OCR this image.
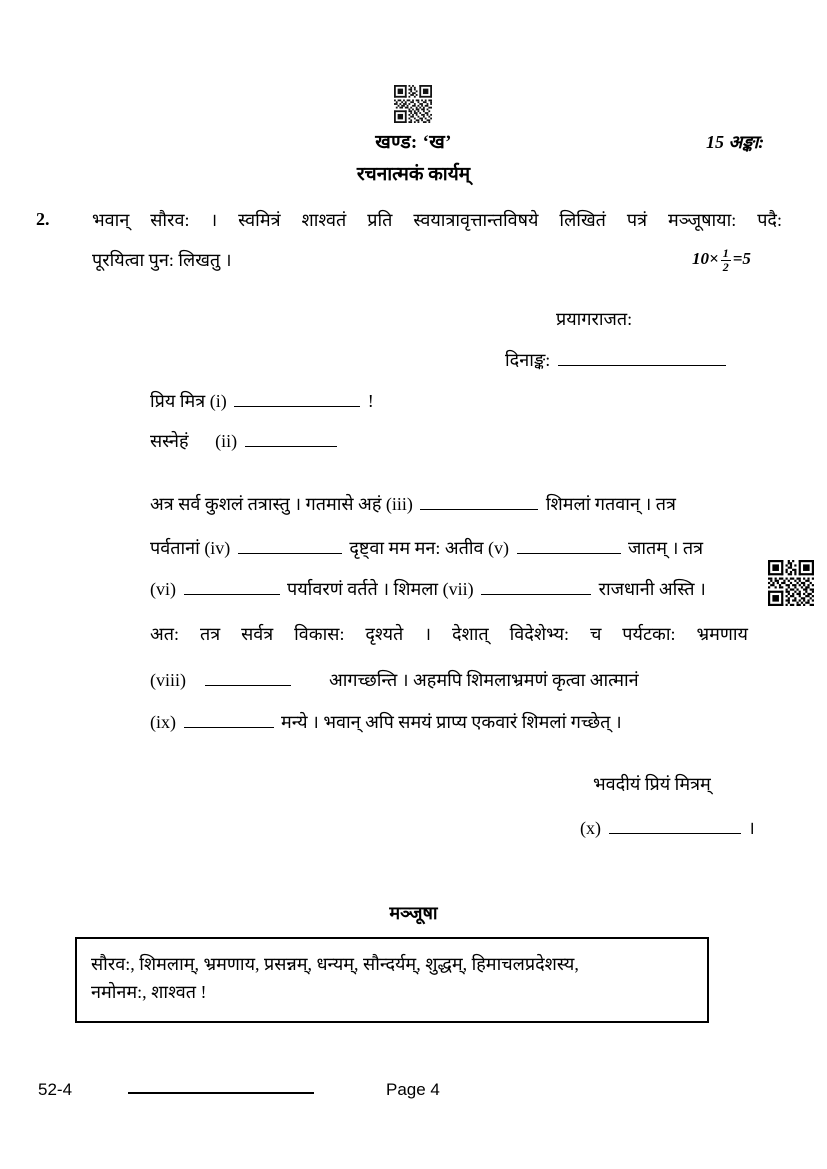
खण्ड: ‘ख’
रचनात्मकं कार्यम्
15 अङ्का:
2. भवान् सौरव: । स्वमित्रं शाश्वतं प्रति स्वयात्रावृत्तान्तविषये लिखितं पत्रं मञ्जूषाया: पदै:
पूरयित्वा पुन: लिखतु ।	$10\times \frac{1}{2} =5$
प्रयागराजत:
दिनाङ्क:
प्रिय मित्र (i)	!
सस्नेहं (ii)
अत्र सर्व कुशलं तत्रास्तु । गतमासे अहं (iii)	शिमलां गतवान् । तत्र
पर्वतानां (iv)	दृष्ट्वा मम मन: अतीव (v)	जातम् । तत्र
(vi)	पर्यावरणं वर्तते । शिमला (vii)	राजधानी अस्ति ।
अत: तत्र सर्वत्र विकास: दृश्यते । देशात् विदेशेभ्य: च पर्यटका: भ्रमणाय
(viii)	आगच्छन्ति । अहमपि शिमलाभ्रमणं कृत्वा आत्मानं
(ix)	मन्ये । भवान् अपि समयं प्राप्य एकवारं शिमलां गच्छेत् ।
भवदीयं प्रियं मित्रम्
(x)	।
मञ्जूषा
सौरव:, शिमलाम्, भ्रमणाय, प्रसन्नम्, धन्यम्, सौन्दर्यम्, शुद्धम्, हिमाचलप्रदेशस्य,
नमोनम:, शाश्वत !
52-4	Page 4
